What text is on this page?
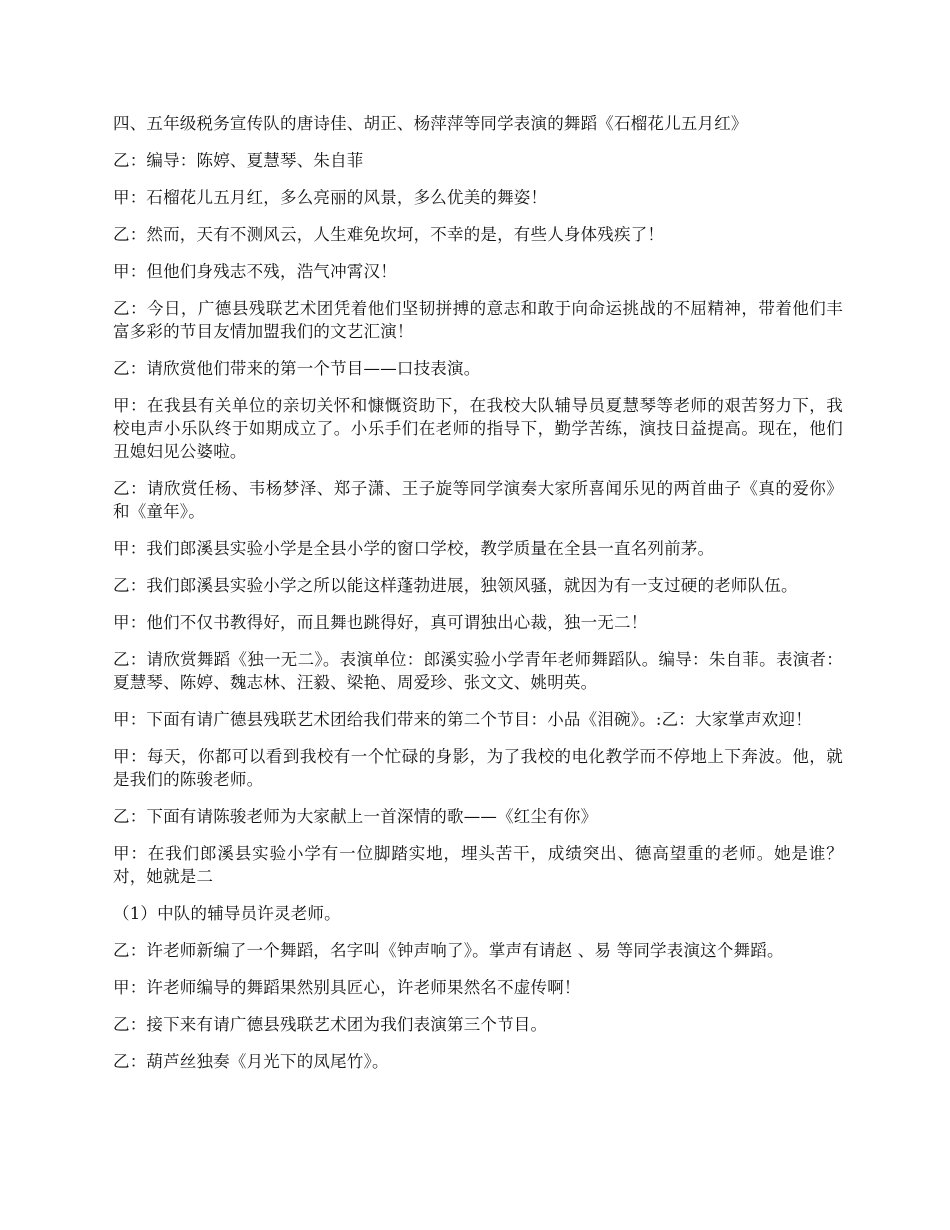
四、五年级税务宣传队的唐诗佳、胡正、杨萍萍等同学表演的舞蹈《石榴花儿五月红》

乙：编导：陈婷、夏慧琴、朱自菲

甲：石榴花儿五月红，多么亮丽的风景，多么优美的舞姿！

乙：然而，天有不测风云，人生难免坎坷，不幸的是，有些人身体残疾了！

甲：但他们身残志不残，浩气冲霄汉！

乙：今日，广德县残联艺术团凭着他们坚韧拼搏的意志和敢于向命运挑战的不屈精神，带着他们丰富多彩的节目友情加盟我们的文艺汇演！

乙：请欣赏他们带来的第一个节目——口技表演。

甲：在我县有关单位的亲切关怀和慷慨资助下，在我校大队辅导员夏慧琴等老师的艰苦努力下，我校电声小乐队终于如期成立了。小乐手们在老师的指导下，勤学苦练，演技日益提高。现在，他们丑媳妇见公婆啦。

乙：请欣赏任杨、韦杨梦泽、郑子潇、王子旋等同学演奏大家所喜闻乐见的两首曲子《真的爱你》和《童年》。

甲：我们郎溪县实验小学是全县小学的窗口学校，教学质量在全县一直名列前茅。

乙：我们郎溪县实验小学之所以能这样蓬勃进展，独领风骚，就因为有一支过硬的老师队伍。

甲：他们不仅书教得好，而且舞也跳得好，真可谓独出心裁，独一无二！

乙：请欣赏舞蹈《独一无二》。表演单位：郎溪实验小学青年老师舞蹈队。编导：朱自菲。表演者：夏慧琴、陈婷、魏志林、汪毅、梁艳、周爱珍、张文文、姚明英。

甲：下面有请广德县残联艺术团给我们带来的第二个节目：小品《泪碗》。:乙：大家掌声欢迎！

甲：每天，你都可以看到我校有一个忙碌的身影，为了我校的电化教学而不停地上下奔波。他，就是我们的陈骏老师。

乙：下面有请陈骏老师为大家献上一首深情的歌——《红尘有你》

甲：在我们郎溪县实验小学有一位脚踏实地，埋头苦干，成绩突出、德高望重的老师。她是谁？对，她就是二

（1）中队的辅导员许灵老师。

乙：许老师新编了一个舞蹈，名字叫《钟声响了》。掌声有请赵 、易 等同学表演这个舞蹈。

甲：许老师编导的舞蹈果然别具匠心，许老师果然名不虚传啊！

乙：接下来有请广德县残联艺术团为我们表演第三个节目。

乙：葫芦丝独奏《月光下的凤尾竹》。
